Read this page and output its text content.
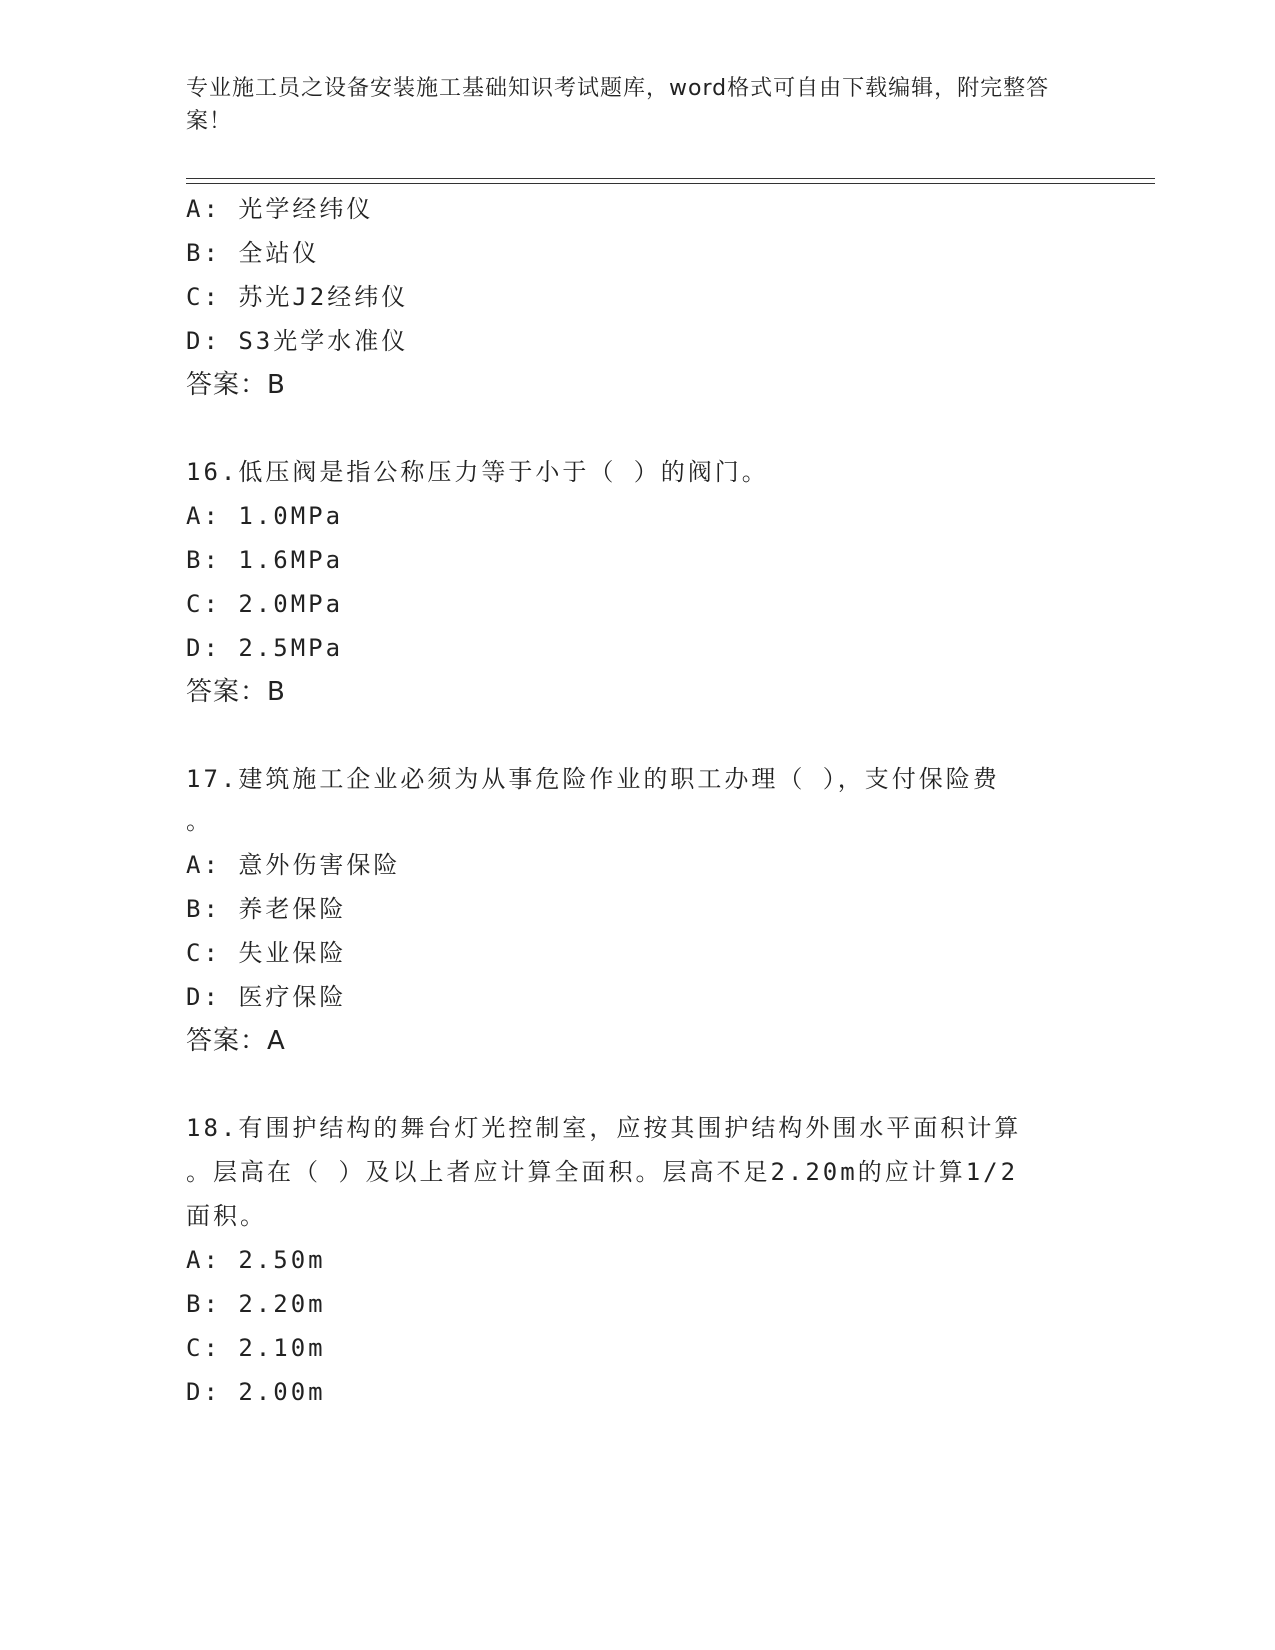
专业施工员之设备安装施工基础知识考试题库，word格式可自由下载编辑，附完整答案！
A: 光学经纬仪
B: 全站仪
C: 苏光J2经纬仪
D: S3光学水准仪
答案：B
16.低压阀是指公称压力等于小于（ ）的阀门。
A: 1.0MPa
B: 1.6MPa
C: 2.0MPa
D: 2.5MPa
答案：B
17.建筑施工企业必须为从事危险作业的职工办理（ ），支付保险费
。
A: 意外伤害保险
B: 养老保险
C: 失业保险
D: 医疗保险
答案：A
18.有围护结构的舞台灯光控制室，应按其围护结构外围水平面积计算
。层高在（ ）及以上者应计算全面积。层高不足2.20m的应计算1/2
面积。
A: 2.50m
B: 2.20m
C: 2.10m
D: 2.00m
